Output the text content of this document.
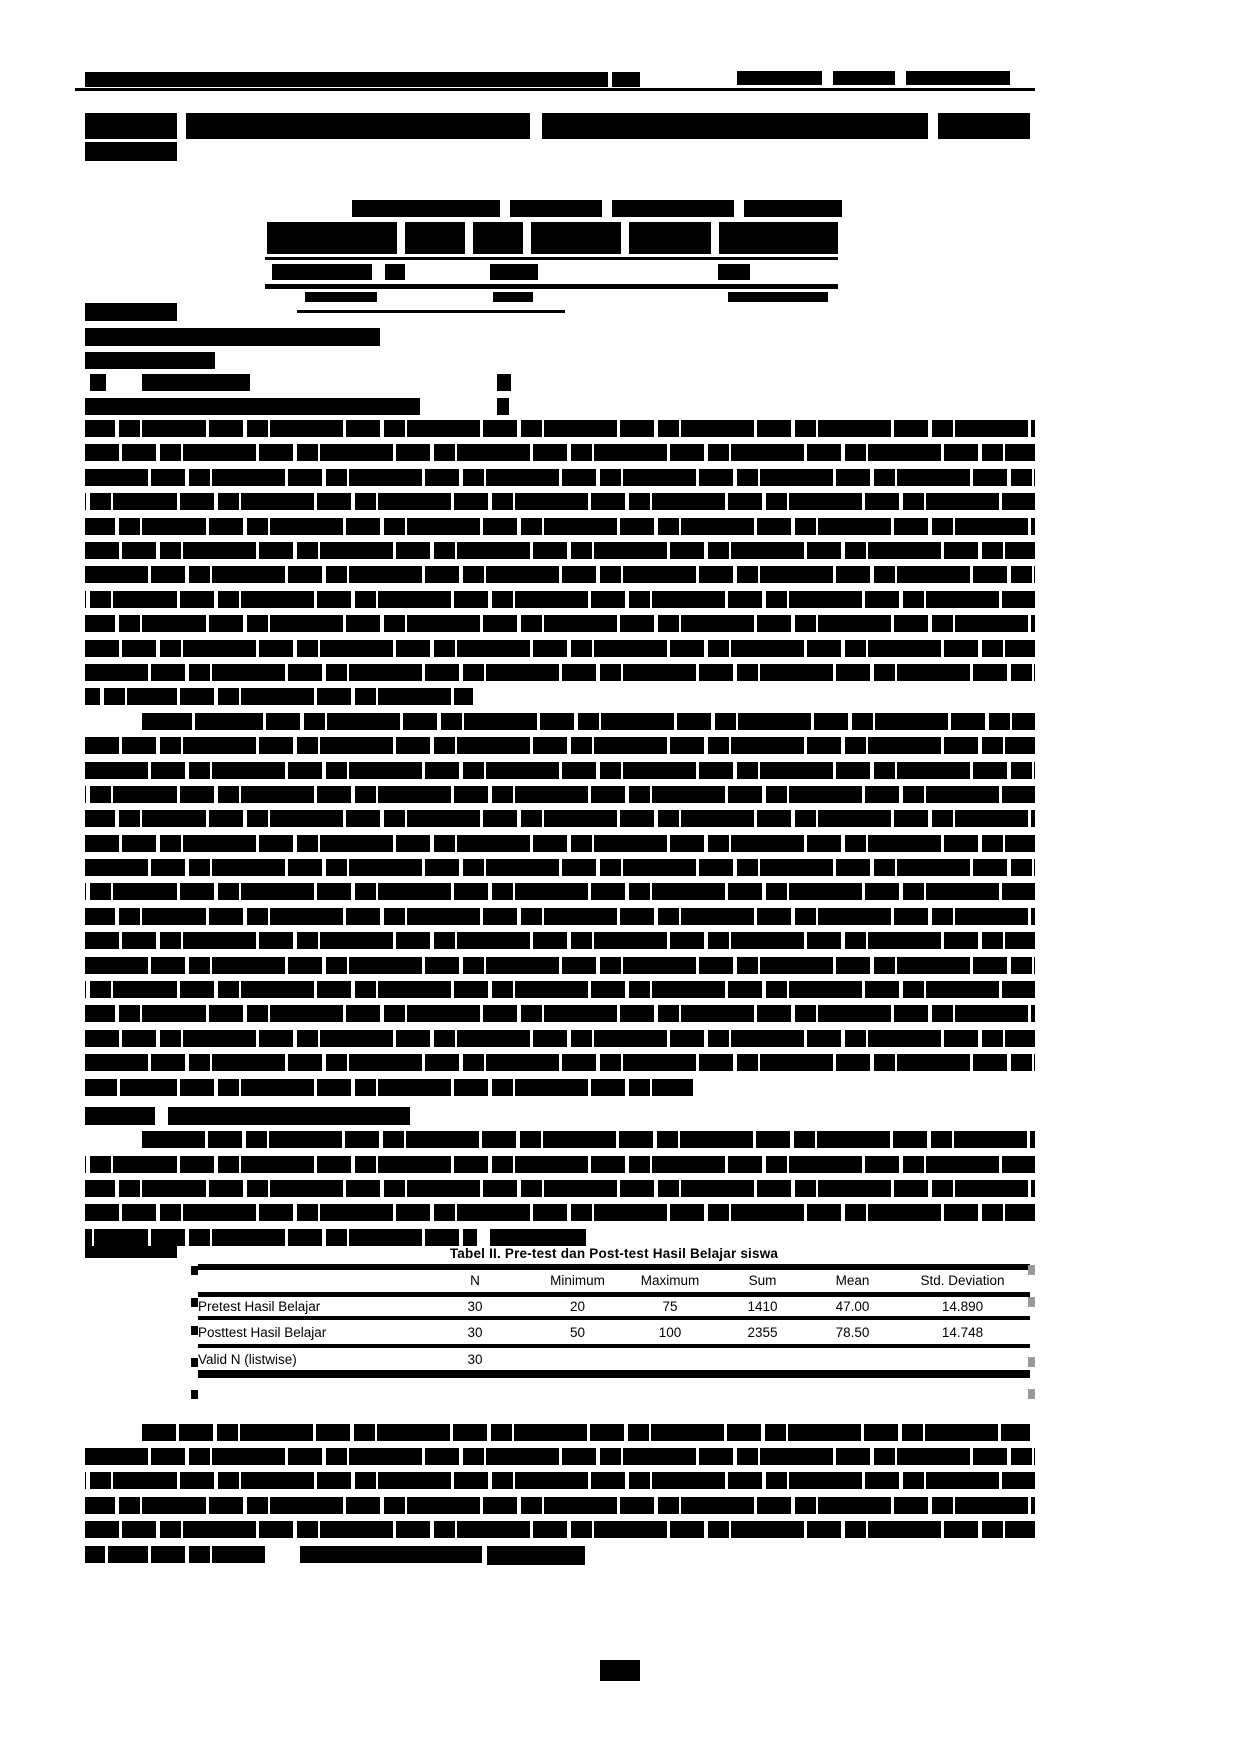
Tabel II. Pre-test dan Post-test Hasil Belajar siswa
	N	Minimum	Maximum	Sum	Mean	Std. Deviation
Pretest Hasil Belajar	30	20	75	1410	47.00	14.890
Posttest Hasil Belajar	30	50	100	2355	78.50	14.748
Valid N (listwise)	30					
